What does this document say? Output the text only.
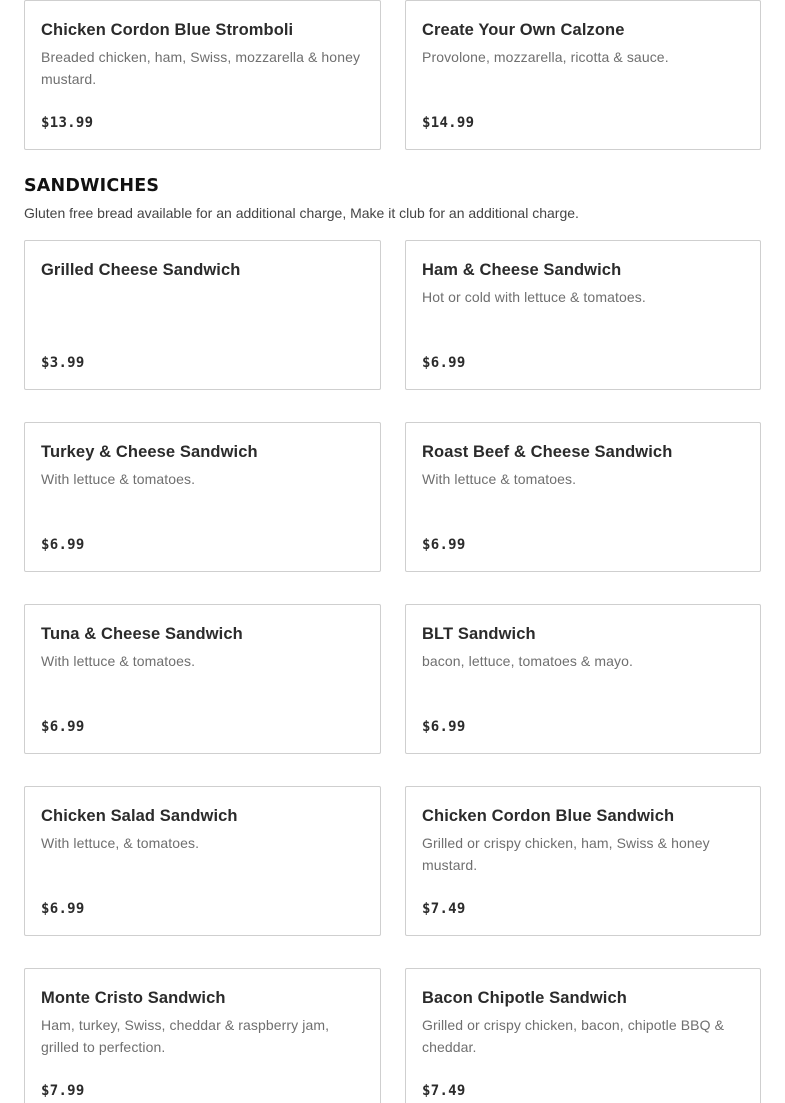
Chicken Cordon Blue Stromboli
Breaded chicken, ham, Swiss, mozzarella & honey mustard.
$13.99
Create Your Own Calzone
Provolone, mozzarella, ricotta & sauce.
$14.99
SANDWICHES
Gluten free bread available for an additional charge, Make it club for an additional charge.
Grilled Cheese Sandwich
$3.99
Ham & Cheese Sandwich
Hot or cold with lettuce & tomatoes.
$6.99
Turkey & Cheese Sandwich
With lettuce & tomatoes.
$6.99
Roast Beef & Cheese Sandwich
With lettuce & tomatoes.
$6.99
Tuna & Cheese Sandwich
With lettuce & tomatoes.
$6.99
BLT Sandwich
bacon, lettuce, tomatoes & mayo.
$6.99
Chicken Salad Sandwich
With lettuce, & tomatoes.
$6.99
Chicken Cordon Blue Sandwich
Grilled or crispy chicken, ham, Swiss & honey mustard.
$7.49
Monte Cristo Sandwich
Ham, turkey, Swiss, cheddar & raspberry jam, grilled to perfection.
$7.99
Bacon Chipotle Sandwich
Grilled or crispy chicken, bacon, chipotle BBQ & cheddar.
$7.49
